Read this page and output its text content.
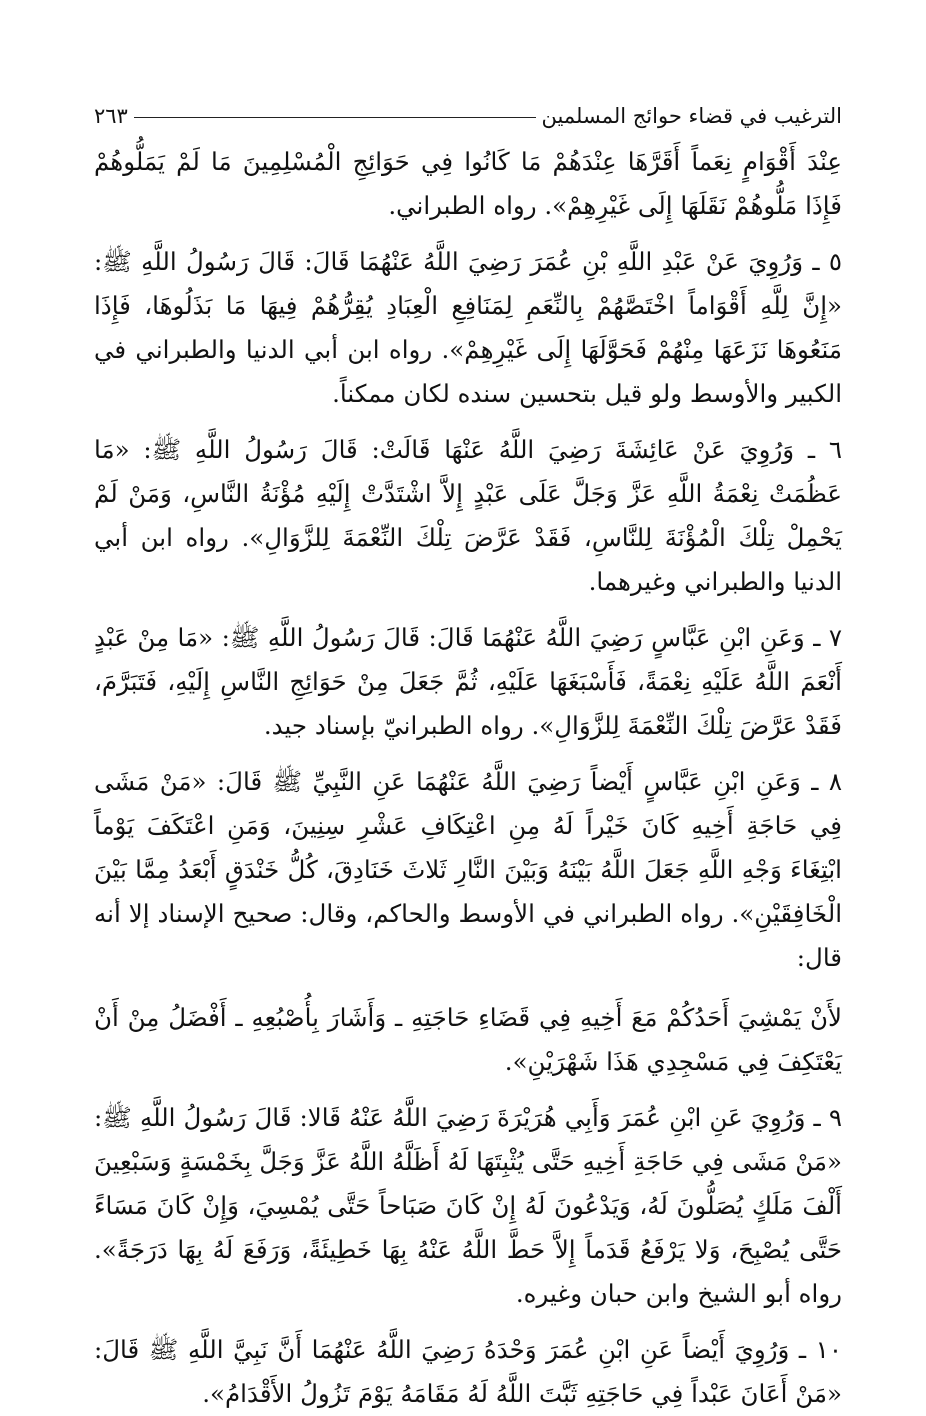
الترغيب في قضاء حوائج المسلمين
٢٦٣

عِنْدَ أَقْوَامٍ نِعَماً أَقَرَّهَا عِنْدَهُمْ مَا كَانُوا فِي حَوَائِجِ الْمُسْلِمِينَ مَا لَمْ يَمَلُّوهُمْ فَإِذَا مَلُّوهُمْ نَقَلَهَا إِلَى غَيْرِهِمْ». رواه الطبراني.

٥ ـ وَرُوِيَ عَنْ عَبْدِ اللَّهِ بْنِ عُمَرَ رَضِيَ اللَّهُ عَنْهُمَا قَالَ: قَالَ رَسُولُ اللَّهِ ﷺ: «إِنَّ لِلَّهِ أَقْوَاماً اخْتَصَّهُمْ بِالنِّعَمِ لِمَنَافِعِ الْعِبَادِ يُقِرُّهُمْ فِيهَا مَا بَذَلُوهَا، فَإِذَا مَنَعُوهَا نَزَعَهَا مِنْهُمْ فَحَوَّلَهَا إِلَى غَيْرِهِمْ». رواه ابن أبي الدنيا والطبراني في الكبير والأوسط ولو قيل بتحسين سنده لكان ممكناً.

٦ ـ وَرُوِيَ عَنْ عَائِشَةَ رَضِيَ اللَّهُ عَنْهَا قَالَتْ: قَالَ رَسُولُ اللَّهِ ﷺ: «مَا عَظُمَتْ نِعْمَةُ اللَّهِ عَزَّ وَجَلَّ عَلَى عَبْدٍ إِلاَّ اشْتَدَّتْ إِلَيْهِ مُؤْنَةُ النَّاسِ، وَمَنْ لَمْ يَحْمِلْ تِلْكَ الْمُؤْنَةَ لِلنَّاسِ، فَقَدْ عَرَّضَ تِلْكَ النِّعْمَةَ لِلزَّوَالِ». رواه ابن أبي الدنيا والطبراني وغيرهما.

٧ ـ وَعَنِ ابْنِ عَبَّاسٍ رَضِيَ اللَّهُ عَنْهُمَا قَالَ: قَالَ رَسُولُ اللَّهِ ﷺ: «مَا مِنْ عَبْدٍ أَنْعَمَ اللَّهُ عَلَيْهِ نِعْمَةً، فَأَسْبَغَهَا عَلَيْهِ، ثُمَّ جَعَلَ مِنْ حَوَائِجِ النَّاسِ إِلَيْهِ، فَتَبَرَّمَ، فَقَدْ عَرَّضَ تِلْكَ النِّعْمَةَ لِلزَّوَالِ». رواه الطبرانيّ بإسناد جيد.

٨ ـ وَعَنِ ابْنِ عَبَّاسٍ أَيْضاً رَضِيَ اللَّهُ عَنْهُمَا عَنِ النَّبِيِّ ﷺ قَالَ: «مَنْ مَشَى فِي حَاجَةِ أَخِيهِ كَانَ خَيْراً لَهُ مِنِ اعْتِكَافِ عَشْرِ سِنِينَ، وَمَنِ اعْتَكَفَ يَوْماً ابْتِغَاءَ وَجْهِ اللَّهِ جَعَلَ اللَّهُ بَيْنَهُ وَبَيْنَ النَّارِ ثَلاثَ خَنَادِقَ، كُلُّ خَنْدَقٍ أَبْعَدُ مِمَّا بَيْنَ الْخَافِقَيْنِ». رواه الطبراني في الأوسط والحاكم، وقال: صحيح الإسناد إلا أنه قال:

لأَنْ يَمْشِيَ أَحَدُكُمْ مَعَ أَخِيهِ فِي قَضَاءِ حَاجَتِهِ ـ وَأَشَارَ بِأُصْبُعِهِ ـ أَفْضَلُ مِنْ أَنْ يَعْتَكِفَ فِي مَسْجِدِي هَذَا شَهْرَيْنِ».

٩ ـ وَرُوِيَ عَنِ ابْنِ عُمَرَ وَأَبِي هُرَيْرَةَ رَضِيَ اللَّهُ عَنْهُ قَالا: قَالَ رَسُولُ اللَّهِ ﷺ: «مَنْ مَشَى فِي حَاجَةِ أَخِيهِ حَتَّى يُثْبِتَهَا لَهُ أَظَلَّهُ اللَّهُ عَزَّ وَجَلَّ بِخَمْسَةٍ وَسَبْعِينَ أَلْفَ مَلَكٍ يُصَلُّونَ لَهُ، وَيَدْعُونَ لَهُ إِنْ كَانَ صَبَاحاً حَتَّى يُمْسِيَ، وَإِنْ كَانَ مَسَاءً حَتَّى يُصْبِحَ، وَلا يَرْفَعُ قَدَماً إِلاَّ حَطَّ اللَّهُ عَنْهُ بِهَا خَطِيئَةً، وَرَفَعَ لَهُ بِهَا دَرَجَةً». رواه أبو الشيخ وابن حبان وغيره.

١٠ ـ وَرُوِيَ أَيْضاً عَنِ ابْنِ عُمَرَ وَحْدَهُ رَضِيَ اللَّهُ عَنْهُمَا أَنَّ نَبِيَّ اللَّهِ ﷺ قَالَ: «مَنْ أَعَانَ عَبْداً فِي حَاجَتِهِ ثَبَّتَ اللَّهُ لَهُ مَقَامَهُ يَوْمَ تَزُولُ الأَقْدَامُ».
